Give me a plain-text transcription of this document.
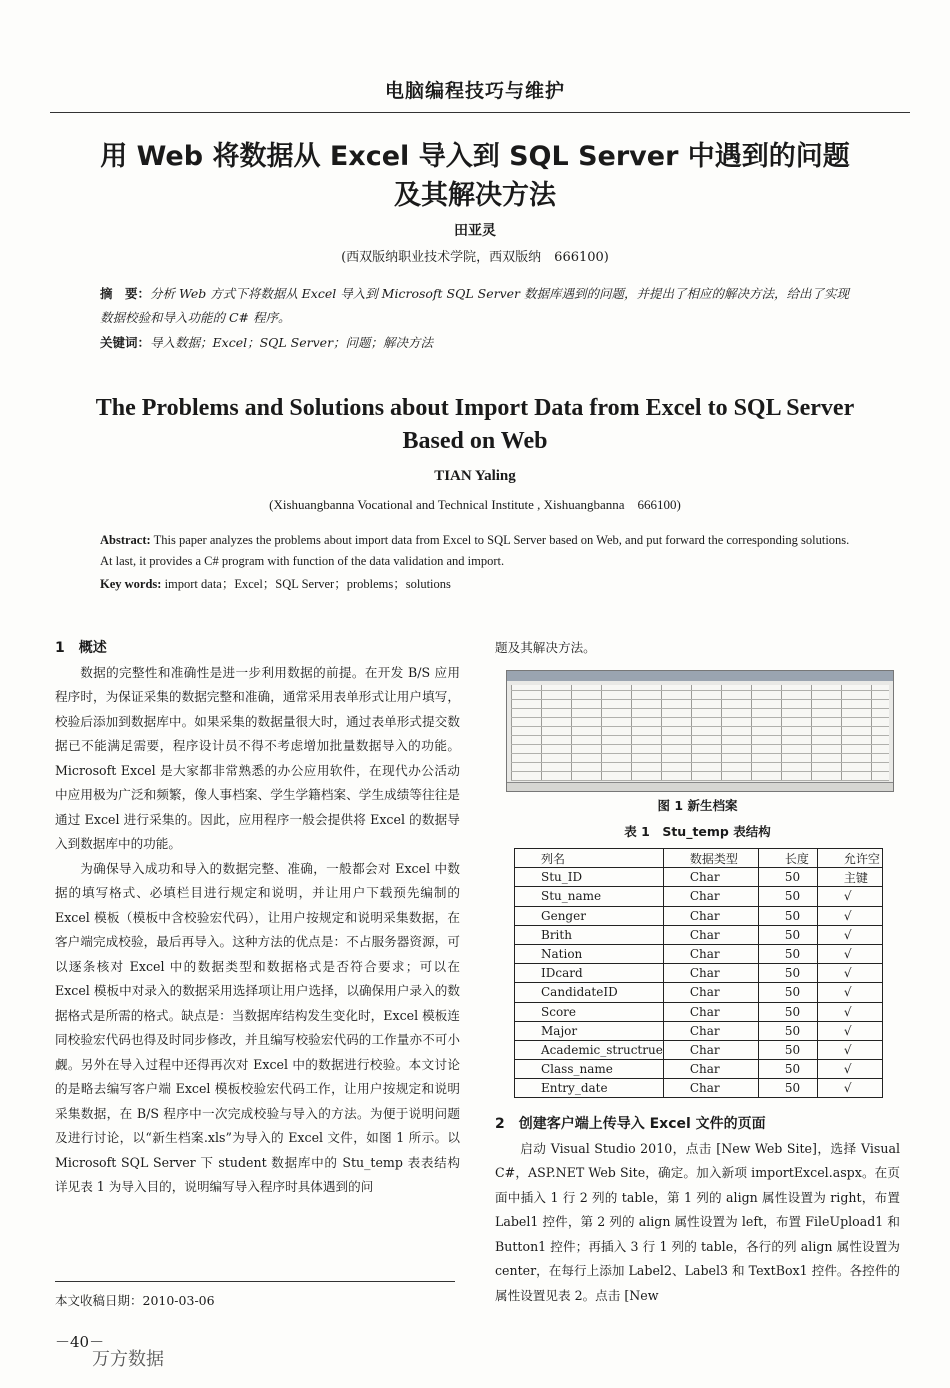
电脑编程技巧与维护
用 Web 将数据从 Excel 导入到 SQL Server 中遇到的问题
及其解决方法
田亚灵
(西双版纳职业技术学院，西双版纳　666100)
摘　要：分析 Web 方式下将数据从 Excel 导入到 Microsoft SQL Server 数据库遇到的问题，并提出了相应的解决方法，给出了实现数据校验和导入功能的 C# 程序。
关键词：导入数据；Excel；SQL Server；问题；解决方法
The Problems and Solutions about Import Data from Excel to SQL Server
Based on Web
TIAN Yaling
(Xishuangbanna Vocational and Technical Institute , Xishuangbanna　666100)
Abstract: This paper analyzes the problems about import data from Excel to SQL Server based on Web, and put forward the corresponding solutions. At last, it provides a C# program with function of the data validation and import.
Key words: import data；Excel；SQL Server；problems；solutions
1　概述

数据的完整性和准确性是进一步利用数据的前提。在开发 B/S 应用程序时，为保证采集的数据完整和准确，通常采用表单形式让用户填写，校验后添加到数据库中。如果采集的数据量很大时，通过表单形式提交数据已不能满足需要，程序设计员不得不考虑增加批量数据导入的功能。Microsoft Excel 是大家都非常熟悉的办公应用软件，在现代办公活动中应用极为广泛和频繁，像人事档案、学生学籍档案、学生成绩等往往是通过 Excel 进行采集的。因此，应用程序一般会提供将 Excel 的数据导入到数据库中的功能。

为确保导入成功和导入的数据完整、准确，一般都会对 Excel 中数据的填写格式、必填栏目进行规定和说明，并让用户下载预先编制的 Excel 模板（模板中含校验宏代码），让用户按规定和说明采集数据，在客户端完成校验，最后再导入。这种方法的优点是：不占服务器资源，可以逐条核对 Excel 中的数据类型和数据格式是否符合要求；可以在 Excel 模板中对录入的数据采用选择项让用户选择，以确保用户录入的数据格式是所需的格式。缺点是：当数据库结构发生变化时，Excel 模板连同校验宏代码也得及时同步修改，并且编写校验宏代码的工作量亦不可小觑。另外在导入过程中还得再次对 Excel 中的数据进行校验。本文讨论的是略去编写客户端 Excel 模板校验宏代码工作，让用户按规定和说明采集数据，在 B/S 程序中一次完成校验与导入的方法。为便于说明问题及进行讨论，以“新生档案.xls”为导入的 Excel 文件，如图 1 所示。以 Microsoft SQL Server 下 student 数据库中的 Stu_temp 表表结构详见表 1 为导入目的，说明编写导入程序时具体遇到的问

题及其解决方法。
图 1 新生档案
表 1　Stu_temp 表结构
列名	数据类型	长度	允许空
Stu_ID	Char	50	主键
Stu_name	Char	50	√
Genger	Char	50	√
Brith	Char	50	√
Nation	Char	50	√
IDcard	Char	50	√
CandidateID	Char	50	√
Score	Char	50	√
Major	Char	50	√
Academic_structrue	Char	50	√
Class_name	Char	50	√
Entry_date	Char	50	√
2　创建客户端上传导入 Excel 文件的页面

启动 Visual Studio 2010，点击 [New Web Site]，选择 Visual C#，ASP.NET Web Site，确定。加入新项 importExcel.aspx。在页面中插入 1 行 2 列的 table，第 1 列的 align 属性设置为 right，布置 Label1 控件，第 2 列的 align 属性设置为 left，布置 FileUpload1 和 Button1 控件；再插入 3 行 1 列的 table，各行的列 align 属性设置为 center，在每行上添加 Label2、Label3 和 TextBox1 控件。各控件的属性设置见表 2。点击 [New

本文收稿日期：2010-03-06
－40－
万方数据
